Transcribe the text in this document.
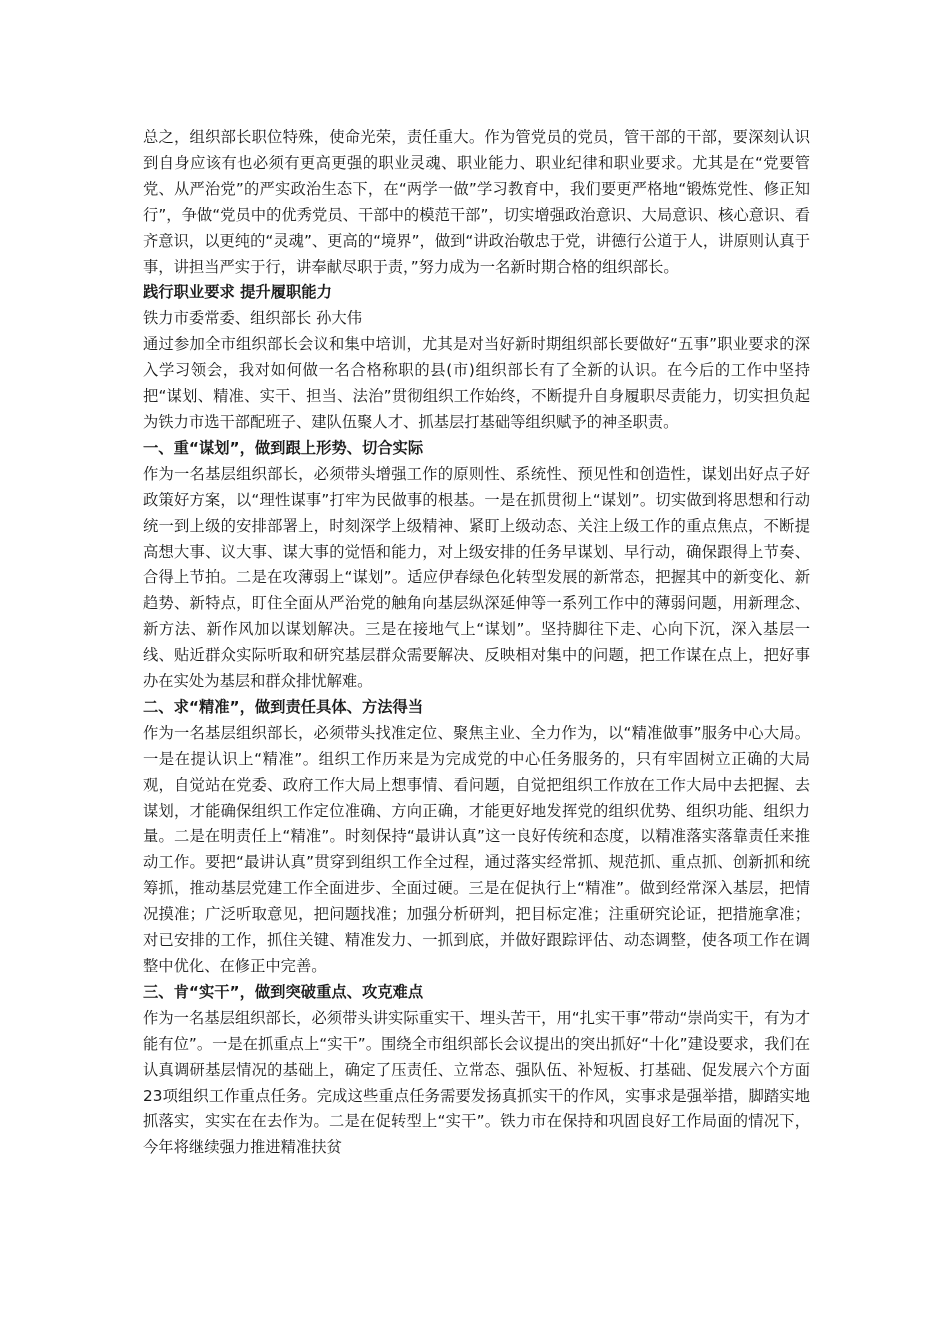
总之，组织部长职位特殊，使命光荣，责任重大。作为管党员的党员，管干部的干部，要深刻认识到自身应该有也必须有更高更强的职业灵魂、职业能力、职业纪律和职业要求。尤其是在“党要管党、从严治党”的严实政治生态下，在“两学一做”学习教育中，我们要更严格地“锻炼党性、修正知行”，争做“党员中的优秀党员、干部中的模范干部”，切实增强政治意识、大局意识、核心意识、看齐意识，以更纯的“灵魂”、更高的“境界”，做到“讲政治敬忠于党，讲德行公道于人，讲原则认真于事，讲担当严实于行，讲奉献尽职于责，”努力成为一名新时期合格的组织部长。

践行职业要求 提升履职能力

铁力市委常委、组织部长 孙大伟

通过参加全市组织部长会议和集中培训，尤其是对当好新时期组织部长要做好“五事”职业要求的深入学习领会，我对如何做一名合格称职的县(市)组织部长有了全新的认识。在今后的工作中坚持把“谋划、精准、实干、担当、法治”贯彻组织工作始终，不断提升自身履职尽责能力，切实担负起为铁力市选干部配班子、建队伍聚人才、抓基层打基础等组织赋予的神圣职责。

一、重“谋划”，做到跟上形势、切合实际

作为一名基层组织部长，必须带头增强工作的原则性、系统性、预见性和创造性，谋划出好点子好政策好方案，以“理性谋事”打牢为民做事的根基。一是在抓贯彻上“谋划”。切实做到将思想和行动统一到上级的安排部署上，时刻深学上级精神、紧盯上级动态、关注上级工作的重点焦点，不断提高想大事、议大事、谋大事的觉悟和能力，对上级安排的任务早谋划、早行动，确保跟得上节奏、合得上节拍。二是在攻薄弱上“谋划”。适应伊春绿色化转型发展的新常态，把握其中的新变化、新趋势、新特点，盯住全面从严治党的触角向基层纵深延伸等一系列工作中的薄弱问题，用新理念、新方法、新作风加以谋划解决。三是在接地气上“谋划”。坚持脚往下走、心向下沉，深入基层一线、贴近群众实际听取和研究基层群众需要解决、反映相对集中的问题，把工作谋在点上，把好事办在实处为基层和群众排忧解难。

二、求“精准”，做到责任具体、方法得当

作为一名基层组织部长，必须带头找准定位、聚焦主业、全力作为，以“精准做事”服务中心大局。一是在提认识上“精准”。组织工作历来是为完成党的中心任务服务的，只有牢固树立正确的大局观，自觉站在党委、政府工作大局上想事情、看问题，自觉把组织工作放在工作大局中去把握、去谋划，才能确保组织工作定位准确、方向正确，才能更好地发挥党的组织优势、组织功能、组织力量。二是在明责任上“精准”。时刻保持“最讲认真”这一良好传统和态度，以精准落实落靠责任来推动工作。要把“最讲认真”贯穿到组织工作全过程，通过落实经常抓、规范抓、重点抓、创新抓和统筹抓，推动基层党建工作全面进步、全面过硬。三是在促执行上“精准”。做到经常深入基层，把情况摸准；广泛听取意见，把问题找准；加强分析研判，把目标定准；注重研究论证，把措施拿准；对已安排的工作，抓住关键、精准发力、一抓到底，并做好跟踪评估、动态调整，使各项工作在调整中优化、在修正中完善。

三、肯“实干”，做到突破重点、攻克难点

作为一名基层组织部长，必须带头讲实际重实干、埋头苦干，用“扎实干事”带动“崇尚实干，有为才能有位”。一是在抓重点上“实干”。围绕全市组织部长会议提出的突出抓好“十化”建设要求，我们在认真调研基层情况的基础上，确定了压责任、立常态、强队伍、补短板、打基础、促发展六个方面23项组织工作重点任务。完成这些重点任务需要发扬真抓实干的作风，实事求是强举措，脚踏实地抓落实，实实在在去作为。二是在促转型上“实干”。铁力市在保持和巩固良好工作局面的情况下，今年将继续强力推进精准扶贫
